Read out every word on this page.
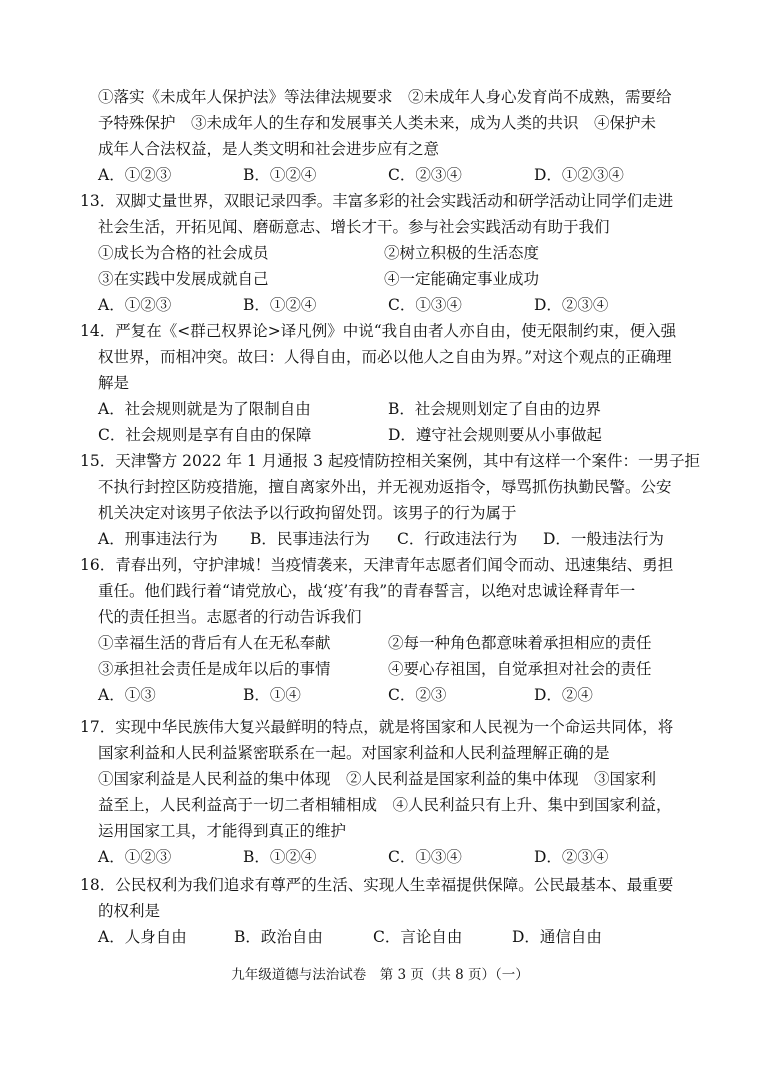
①落实《未成年人保护法》等法律法规要求　②未成年人身心发育尚不成熟，需要给
予特殊保护　③未成年人的生存和发展事关人类未来，成为人类的共识　④保护未
成年人合法权益，是人类文明和社会进步应有之意
A．①②③	B．①②④	C．②③④	D．①②③④
13．双脚丈量世界，双眼记录四季。丰富多彩的社会实践活动和研学活动让同学们走进
社会生活，开拓见闻、磨砺意志、增长才干。参与社会实践活动有助于我们
①成长为合格的社会成员	②树立积极的生活态度
③在实践中发展成就自己	④一定能确定事业成功
A．①②③	B．①②④	C．①③④	D．②③④
14．严复在《<群己权界论>译凡例》中说“我自由者人亦自由，使无限制约束，便入强
权世界，而相冲突。故曰：人得自由，而必以他人之自由为界。”对这个观点的正确理
解是
A．社会规则就是为了限制自由	B．社会规则划定了自由的边界
C．社会规则是享有自由的保障	D．遵守社会规则要从小事做起
15．天津警方 2022 年 1 月通报 3 起疫情防控相关案例，其中有这样一个案件：一男子拒
不执行封控区防疫措施，擅自离家外出，并无视劝返指令，辱骂抓伤执勤民警。公安
机关决定对该男子依法予以行政拘留处罚。该男子的行为属于
A．刑事违法行为 B．民事违法行为 C．行政违法行为 D．一般违法行为
16．青春出列，守护津城！当疫情袭来，天津青年志愿者们闻令而动、迅速集结、勇担
重任。他们践行着“请党放心，战‘疫’有我”的青春誓言，以绝对忠诚诠释青年一
代的责任担当。志愿者的行动告诉我们
①幸福生活的背后有人在无私奉献	②每一种角色都意味着承担相应的责任
③承担社会责任是成年以后的事情	④要心存祖国，自觉承担对社会的责任
A．①③	B．①④	C．②③	D．②④
17．实现中华民族伟大复兴最鲜明的特点，就是将国家和人民视为一个命运共同体，将
国家利益和人民利益紧密联系在一起。对国家利益和人民利益理解正确的是
①国家利益是人民利益的集中体现　②人民利益是国家利益的集中体现　③国家利
益至上，人民利益高于一切二者相辅相成　④人民利益只有上升、集中到国家利益，
运用国家工具，才能得到真正的维护
A．①②③	B．①②④	C．①③④	D．②③④
18．公民权利为我们追求有尊严的生活、实现人生幸福提供保障。公民最基本、最重要
的权利是
A．人身自由	B．政治自由	C．言论自由	D．通信自由
九年级道德与法治试卷　第 3 页（共 8 页）（一）
